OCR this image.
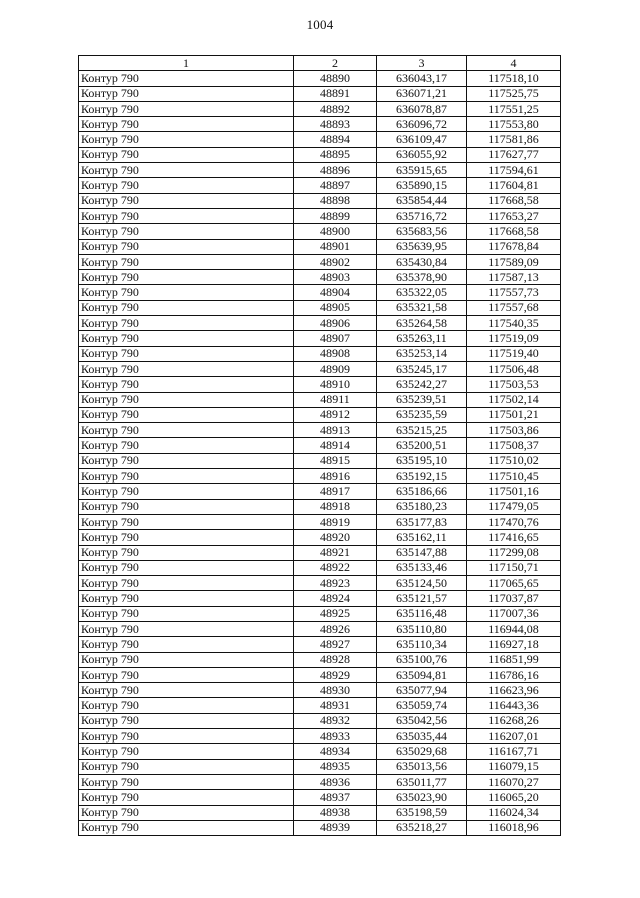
1004
1	2	3	4
Контур 790	48890	636043,17	117518,10
Контур 790	48891	636071,21	117525,75
Контур 790	48892	636078,87	117551,25
Контур 790	48893	636096,72	117553,80
Контур 790	48894	636109,47	117581,86
Контур 790	48895	636055,92	117627,77
Контур 790	48896	635915,65	117594,61
Контур 790	48897	635890,15	117604,81
Контур 790	48898	635854,44	117668,58
Контур 790	48899	635716,72	117653,27
Контур 790	48900	635683,56	117668,58
Контур 790	48901	635639,95	117678,84
Контур 790	48902	635430,84	117589,09
Контур 790	48903	635378,90	117587,13
Контур 790	48904	635322,05	117557,73
Контур 790	48905	635321,58	117557,68
Контур 790	48906	635264,58	117540,35
Контур 790	48907	635263,11	117519,09
Контур 790	48908	635253,14	117519,40
Контур 790	48909	635245,17	117506,48
Контур 790	48910	635242,27	117503,53
Контур 790	48911	635239,51	117502,14
Контур 790	48912	635235,59	117501,21
Контур 790	48913	635215,25	117503,86
Контур 790	48914	635200,51	117508,37
Контур 790	48915	635195,10	117510,02
Контур 790	48916	635192,15	117510,45
Контур 790	48917	635186,66	117501,16
Контур 790	48918	635180,23	117479,05
Контур 790	48919	635177,83	117470,76
Контур 790	48920	635162,11	117416,65
Контур 790	48921	635147,88	117299,08
Контур 790	48922	635133,46	117150,71
Контур 790	48923	635124,50	117065,65
Контур 790	48924	635121,57	117037,87
Контур 790	48925	635116,48	117007,36
Контур 790	48926	635110,80	116944,08
Контур 790	48927	635110,34	116927,18
Контур 790	48928	635100,76	116851,99
Контур 790	48929	635094,81	116786,16
Контур 790	48930	635077,94	116623,96
Контур 790	48931	635059,74	116443,36
Контур 790	48932	635042,56	116268,26
Контур 790	48933	635035,44	116207,01
Контур 790	48934	635029,68	116167,71
Контур 790	48935	635013,56	116079,15
Контур 790	48936	635011,77	116070,27
Контур 790	48937	635023,90	116065,20
Контур 790	48938	635198,59	116024,34
Контур 790	48939	635218,27	116018,96
